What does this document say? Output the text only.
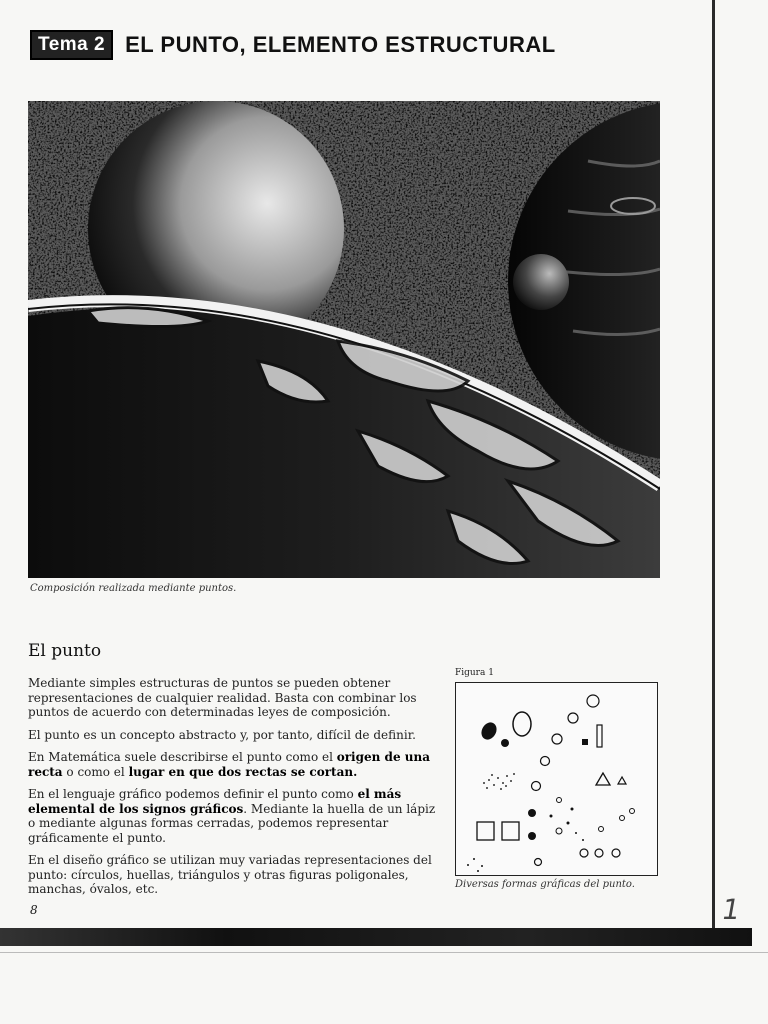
Tema 2 EL PUNTO, ELEMENTO ESTRUCTURAL
Composición realizada mediante puntos.
El punto

Mediante simples estructuras de puntos se pueden obtener representaciones de cualquier realidad. Basta con combinar los puntos de acuerdo con determinadas leyes de composición.

El punto es un concepto abstracto y, por tanto, difícil de definir.

En Matemática suele describirse el punto como el origen de una recta o como el lugar en que dos rectas se cortan.

En el lenguaje gráfico podemos definir el punto como el más elemental de los signos gráficos. Mediante la huella de un lápiz o mediante algunas formas cerradas, podemos representar gráficamente el punto.

En el diseño gráfico se utilizan muy variadas representaciones del punto: círculos, huellas, triángulos y otras figuras poligonales, manchas, óvalos, etc.

Figura 1
Diversas formas gráficas del punto.
8	1
